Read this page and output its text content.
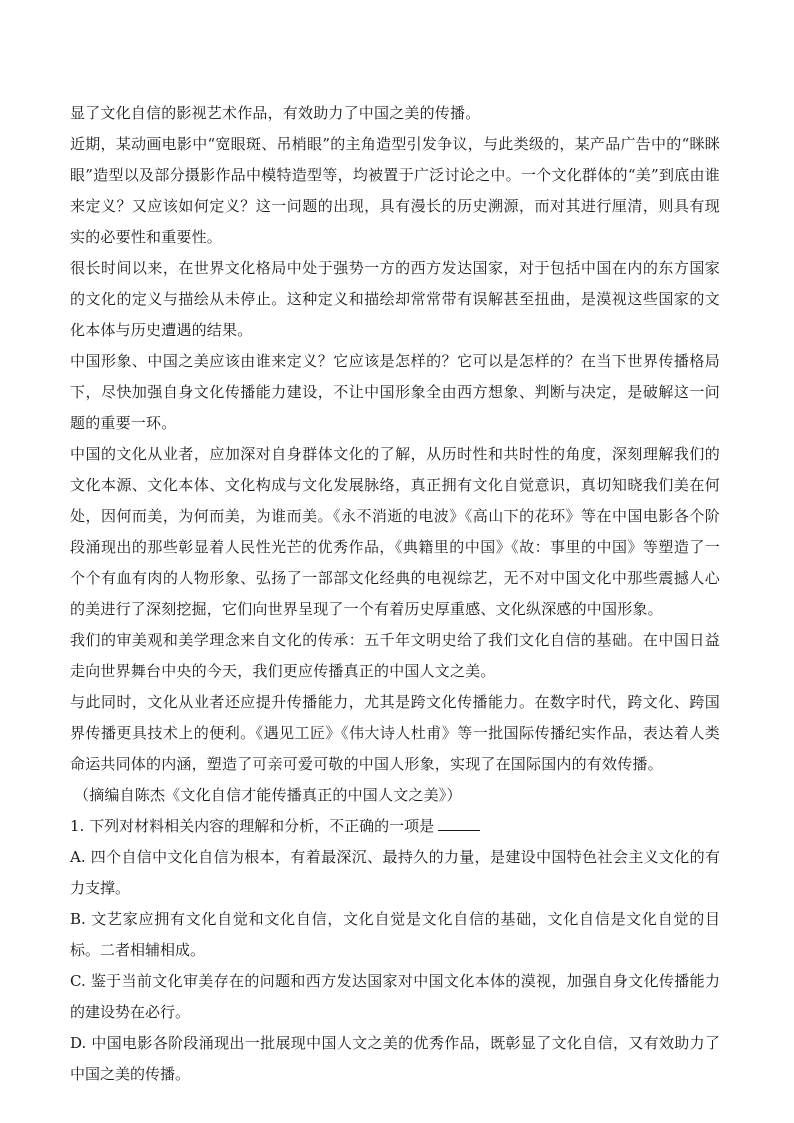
显了文化自信的影视艺术作品，有效助力了中国之美的传播。

近期，某动画电影中“宽眼斑、吊梢眼”的主角造型引发争议，与此类级的，某产品广告中的“眯眯眼”造型以及部分摄影作品中模特造型等，均被置于广泛讨论之中。一个文化群体的“美”到底由谁来定义？又应该如何定义？这一问题的出现，具有漫长的历史溯源，而对其进行厘清，则具有现实的必要性和重要性。

很长时间以来，在世界文化格局中处于强势一方的西方发达国家，对于包括中国在内的东方国家的文化的定义与描绘从未停止。这种定义和描绘却常常带有误解甚至扭曲，是漠视这些国家的文化本体与历史遭遇的结果。

中国形象、中国之美应该由谁来定义？它应该是怎样的？它可以是怎样的？在当下世界传播格局下，尽快加强自身文化传播能力建设，不让中国形象全由西方想象、判断与决定，是破解这一问题的重要一环。

中国的文化从业者，应加深对自身群体文化的了解，从历时性和共时性的角度，深刻理解我们的文化本源、文化本体、文化构成与文化发展脉络，真正拥有文化自觉意识，真切知晓我们美在何处，因何而美，为何而美，为谁而美。《永不消逝的电波》《高山下的花环》等在中国电影各个阶段涌现出的那些彰显着人民性光芒的优秀作品，《典籍里的中国》《故：事里的中国》等塑造了一个个有血有肉的人物形象、弘扬了一部部文化经典的电视综艺，无不对中国文化中那些震撼人心的美进行了深刻挖掘，它们向世界呈现了一个有着历史厚重感、文化纵深感的中国形象。

我们的审美观和美学理念来自文化的传承：五千年文明史给了我们文化自信的基础。在中国日益走向世界舞台中央的今天，我们更应传播真正的中国人文之美。

与此同时，文化从业者还应提升传播能力，尤其是跨文化传播能力。在数字时代，跨文化、跨国界传播更具技术上的便利。《遇见工匠》《伟大诗人杜甫》等一批国际传播纪实作品，表达着人类命运共同体的内涵，塑造了可亲可爱可敬的中国人形象，实现了在国际国内的有效传播。

（摘编自陈杰《文化自信才能传播真正的中国人文之美》）

1. 下列对材料相关内容的理解和分析，不正确的一项是

A. 四个自信中文化自信为根本，有着最深沉、最持久的力量，是建设中国特色社会主义文化的有力支撑。

B. 文艺家应拥有文化自觉和文化自信，文化自觉是文化自信的基础，文化自信是文化自觉的目标。二者相辅相成。

C. 鉴于当前文化审美存在的问题和西方发达国家对中国文化本体的漠视，加强自身文化传播能力的建设势在必行。

D. 中国电影各阶段涌现出一批展现中国人文之美的优秀作品，既彰显了文化自信，又有效助力了中国之美的传播。
